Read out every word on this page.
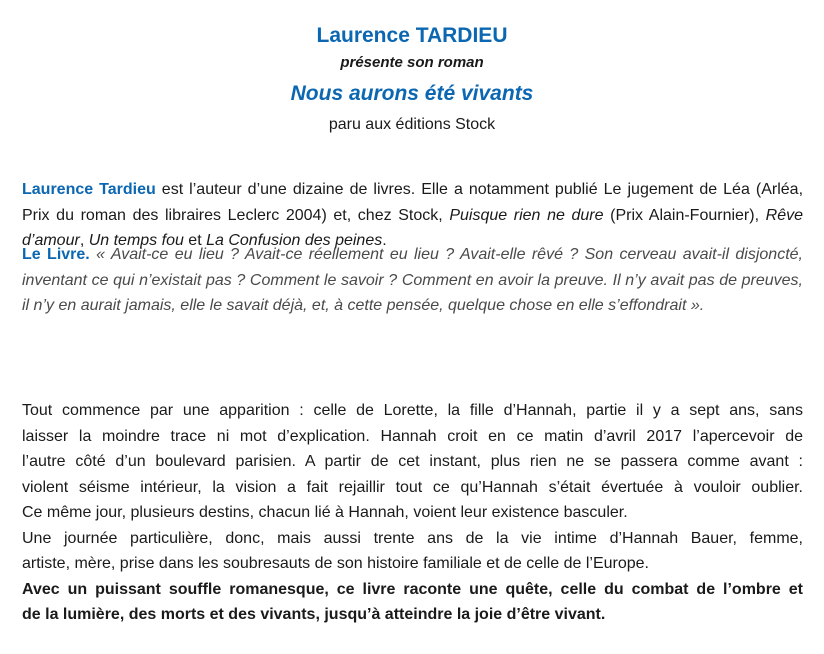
Laurence TARDIEU
présente son roman
Nous aurons été vivants
paru aux éditions Stock
Laurence Tardieu est l’auteur d’une dizaine de livres. Elle a notamment publié Le jugement de Léa (Arléa, Prix du roman des libraires Leclerc 2004) et, chez Stock, Puisque rien ne dure (Prix Alain-Fournier), Rêve d’amour, Un temps fou et La Confusion des peines.
Le Livre. « Avait-ce eu lieu ? Avait-ce réellement eu lieu ? Avait-elle rêvé ? Son cerveau avait-il disjoncté, inventant ce qui n’existait pas ? Comment le savoir ? Comment en avoir la preuve. Il n’y avait pas de preuves, il n’y en aurait jamais, elle le savait déjà, et, à cette pensée, quelque chose en elle s’effondrait ».
Tout commence par une apparition : celle de Lorette, la fille d’Hannah, partie il y a sept ans, sans
laisser la moindre trace ni mot d’explication. Hannah croit en ce matin d’avril 2017 l’apercevoir de
l’autre côté d’un boulevard parisien. A partir de cet instant, plus rien ne se passera comme avant :
violent séisme intérieur, la vision a fait rejaillir tout ce qu’Hannah s’était évertuée à vouloir oublier.
Ce même jour, plusieurs destins, chacun lié à Hannah, voient leur existence basculer.
Une journée particulière, donc, mais aussi trente ans de la vie intime d’Hannah Bauer, femme,
artiste, mère, prise dans les soubresauts de son histoire familiale et de celle de l’Europe.
Avec un puissant souffle romanesque, ce livre raconte une quête, celle du combat de l’ombre et
de la lumière, des morts et des vivants, jusqu’à atteindre la joie d’être vivant.
